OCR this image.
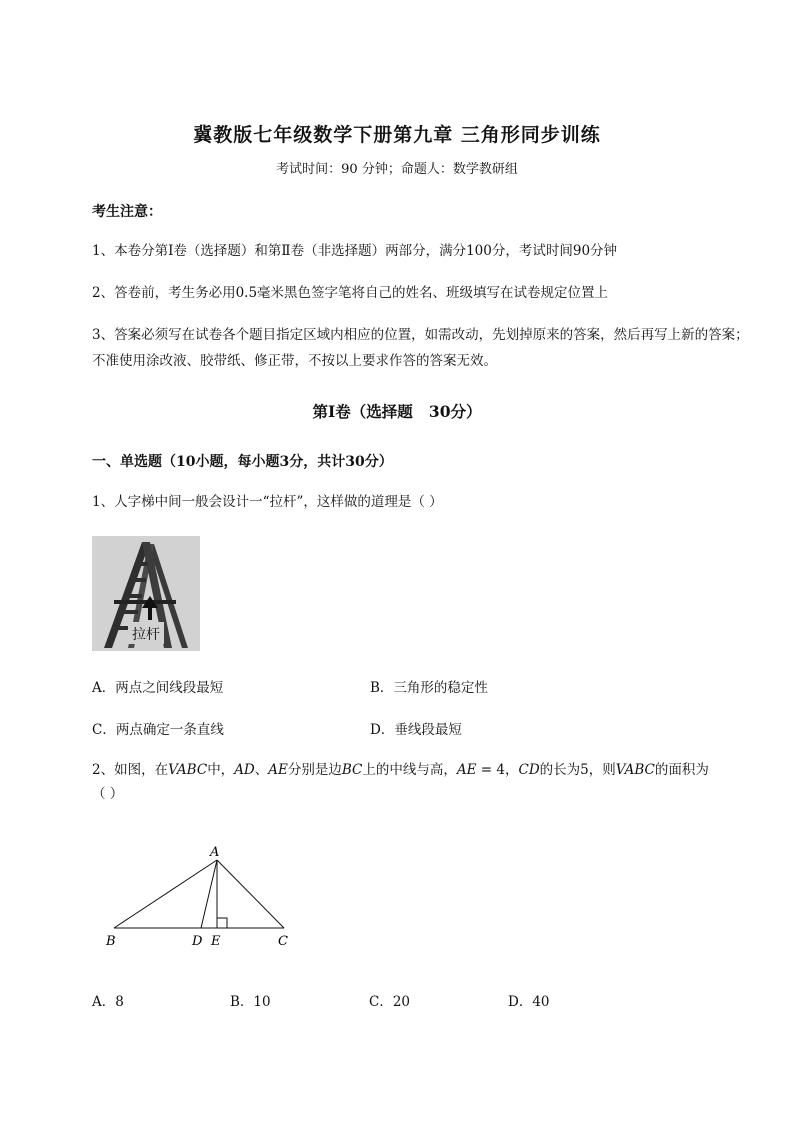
冀教版七年级数学下册第九章 三角形同步训练
考试时间：90 分钟；命题人：数学教研组
考生注意：
1、本卷分第Ⅰ卷（选择题）和第Ⅱ卷（非选择题）两部分，满分100分，考试时间90分钟
2、答卷前，考生务必用0.5毫米黑色签字笔将自己的姓名、班级填写在试卷规定位置上
3、答案必须写在试卷各个题目指定区域内相应的位置，如需改动，先划掉原来的答案，然后再写上新的答案；不准使用涂改液、胶带纸、修正带，不按以上要求作答的答案无效。
第Ⅰ卷（选择题   30分）
一、单选题（10小题，每小题3分，共计30分）
1、人字梯中间一般会设计一“拉杆”，这样做的道理是（ ）
拉杆
A．两点之间线段最短	B．三角形的稳定性
C．两点确定一条直线	D．垂线段最短
2、如图，在VABC中，AD、AE分别是边BC上的中线与高，AE = 4，CD的长为5，则VABC的面积为
（ ）
A
B	D E	C
A．8	B．10	C．20	D．40
